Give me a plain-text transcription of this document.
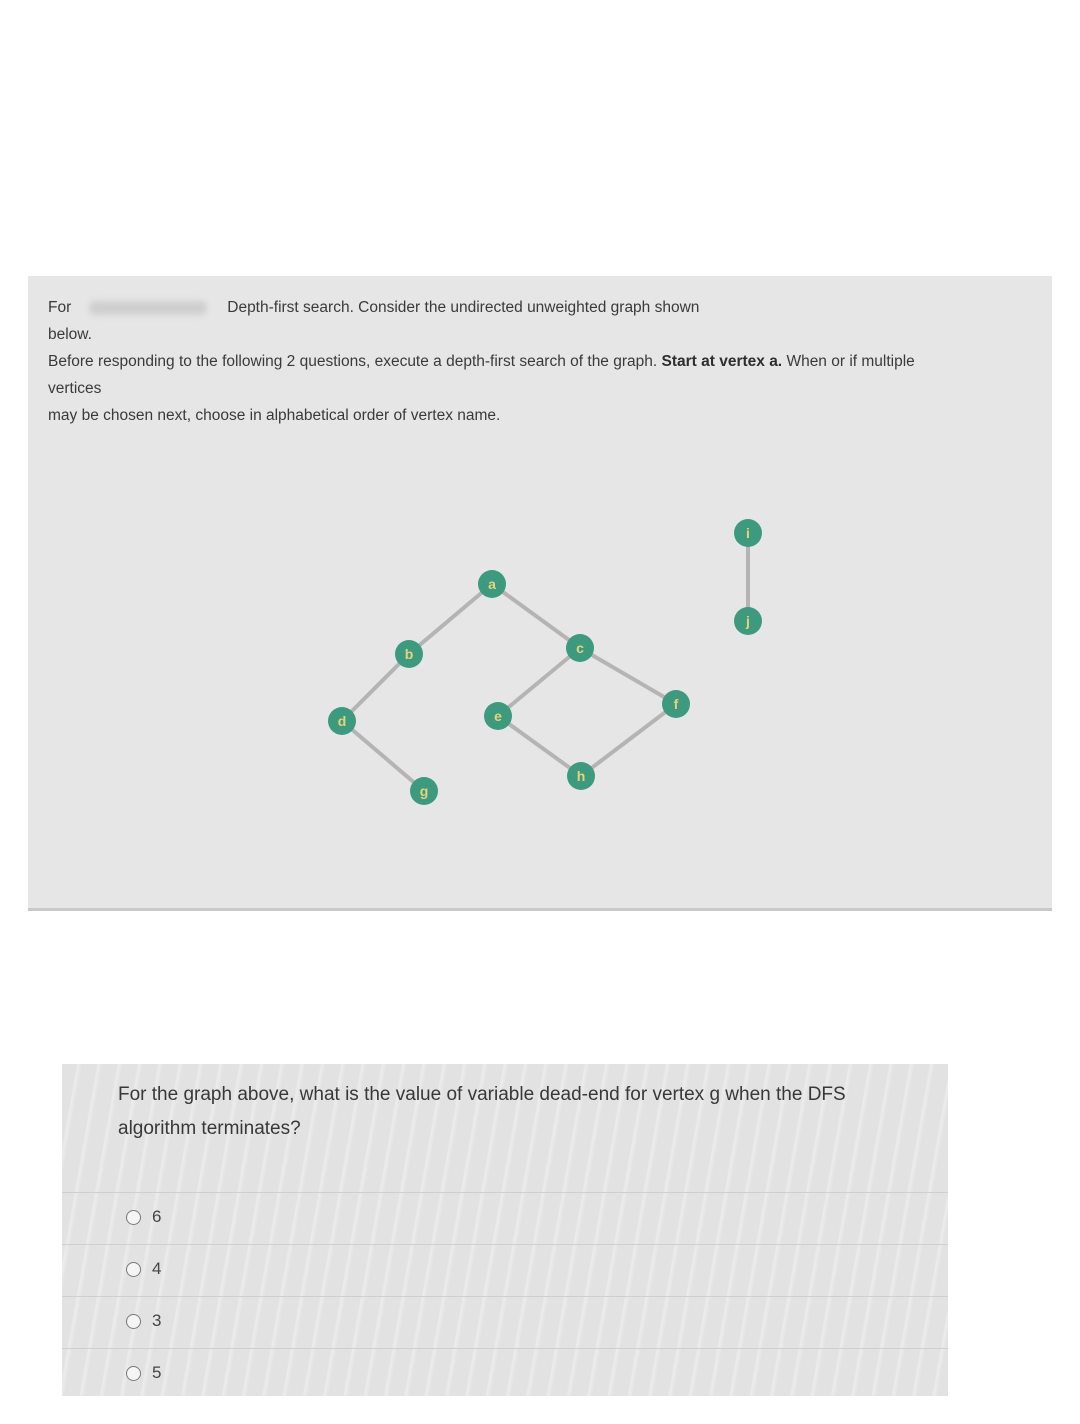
For	Depth-first search. Consider the undirected unweighted graph shown
below.
Before responding to the following 2 questions, execute a depth-first search of the graph. Start at vertex a. When or if multiple
vertices
may be chosen next, choose in alphabetical order of vertex name.
a
b	c
d	e
f
g
h
i
j
For the graph above, what is the value of variable dead-end for vertex g when the DFS algorithm terminates?
6
4
3
5
